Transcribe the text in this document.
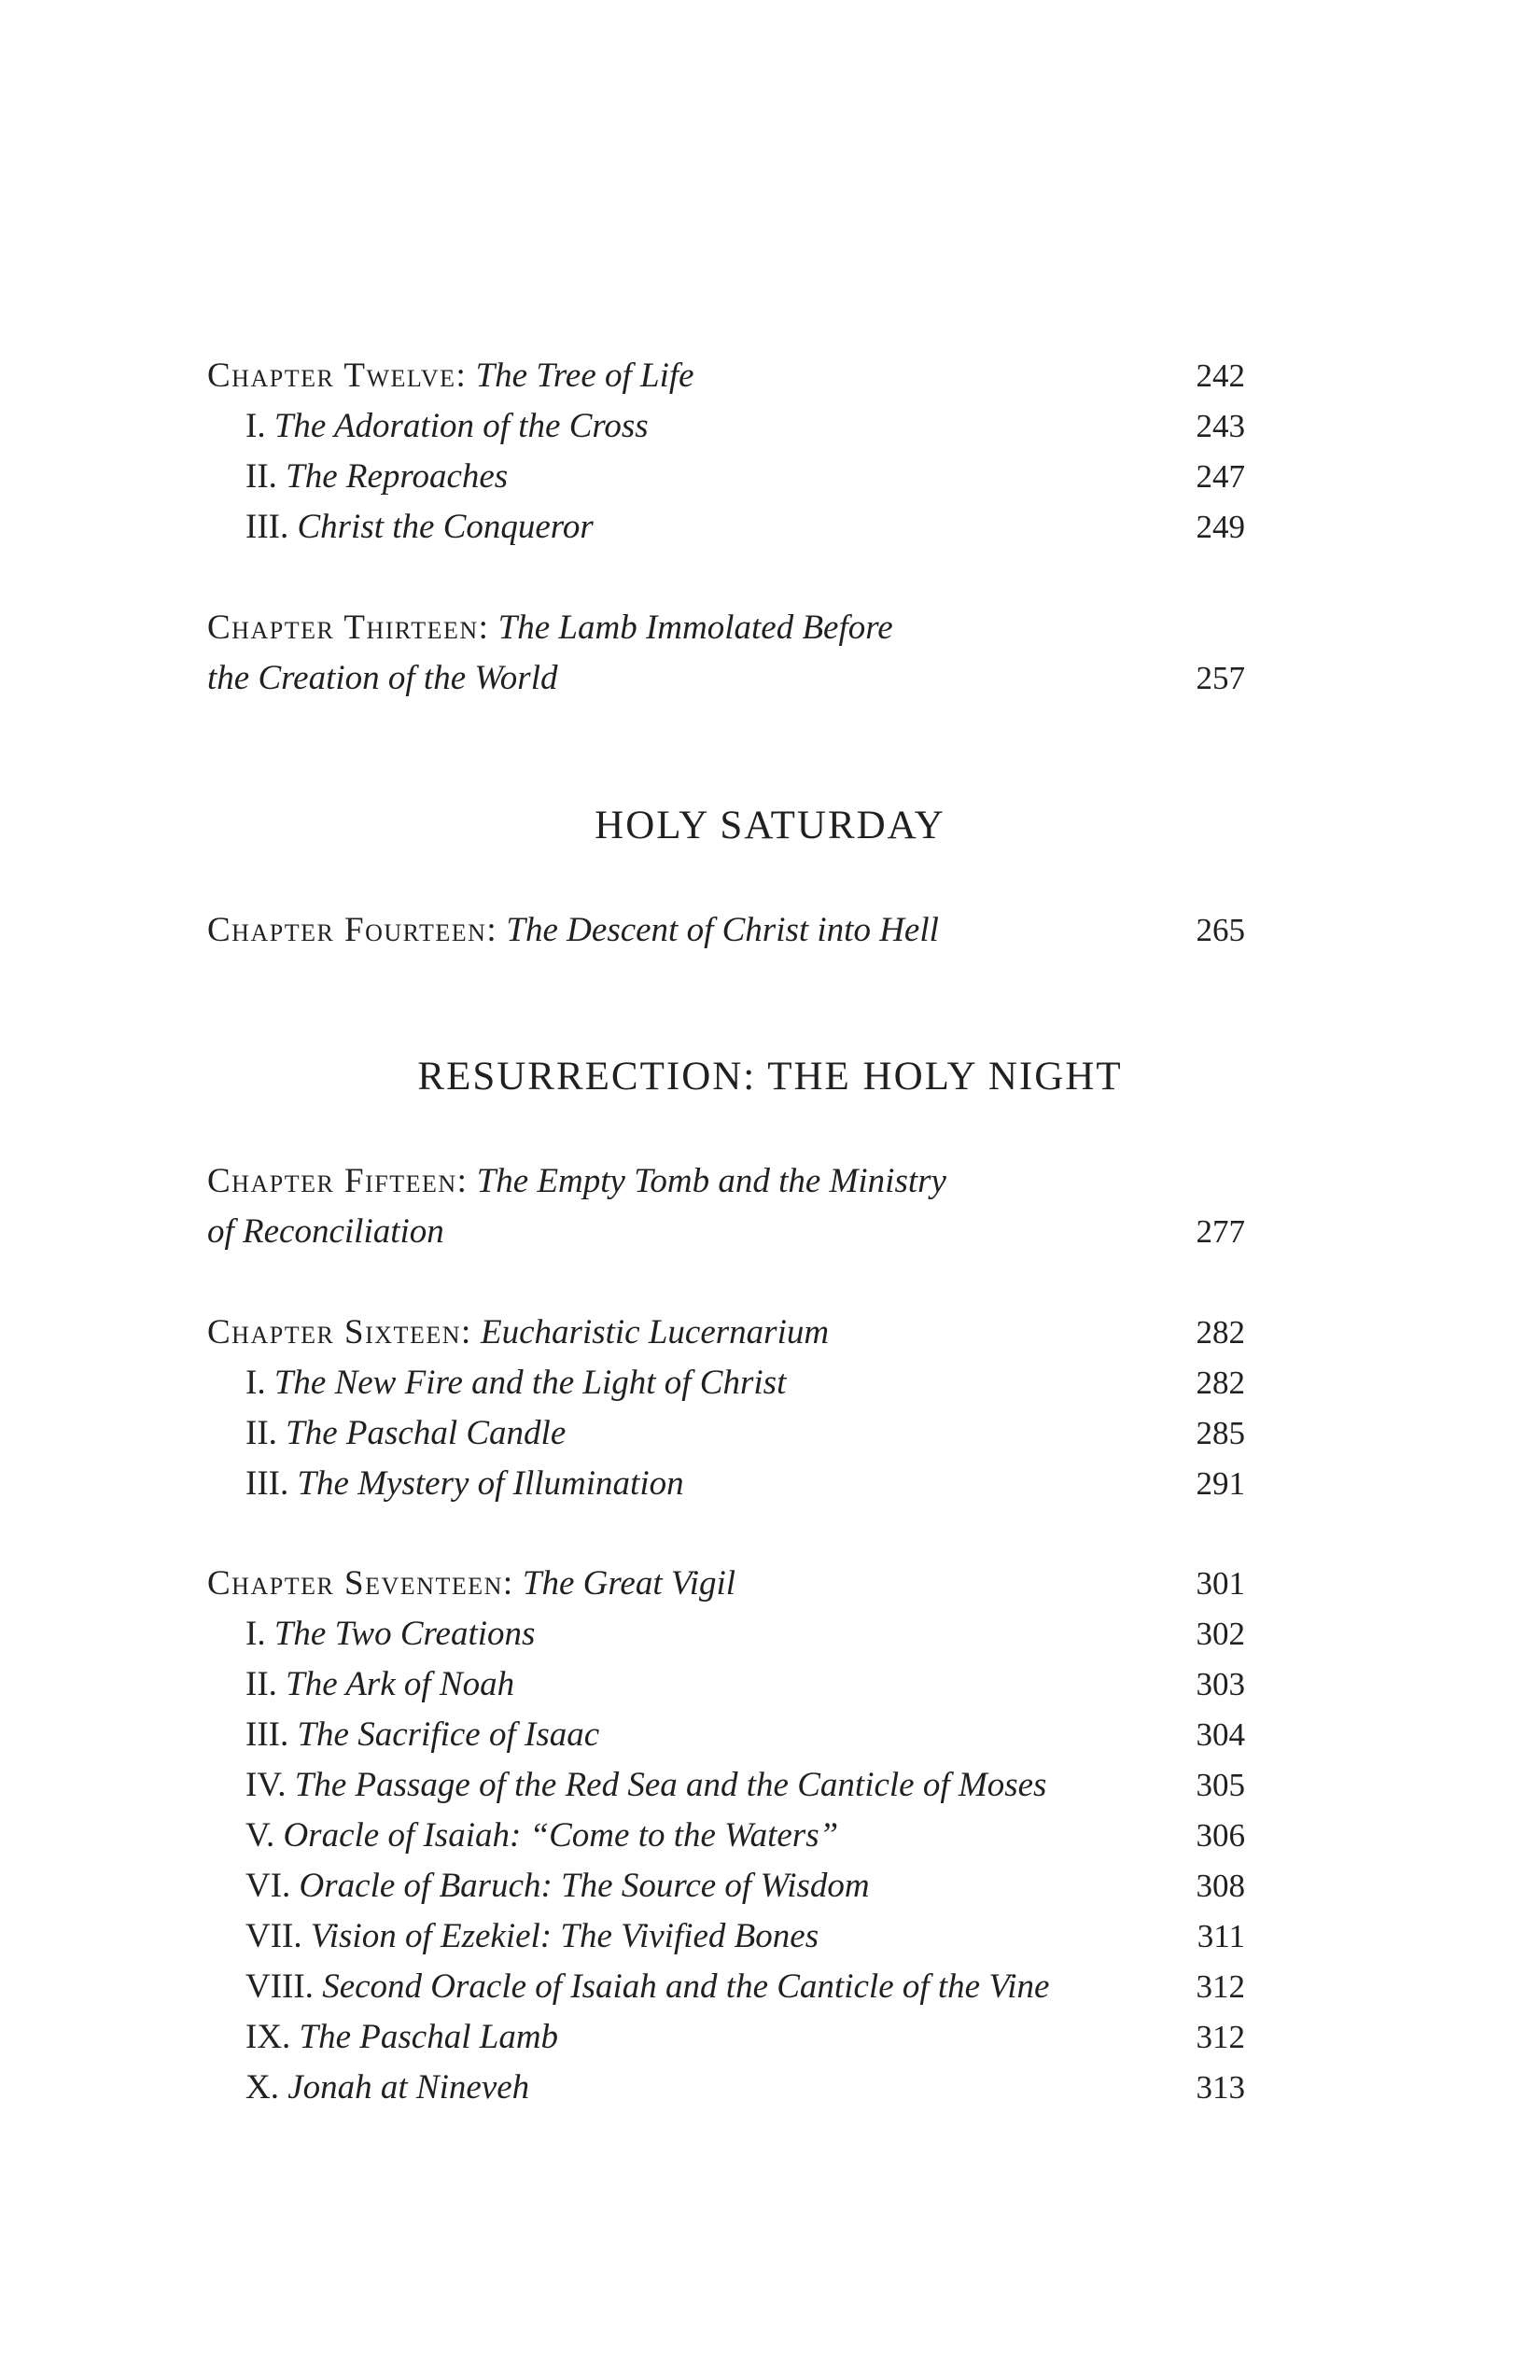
Chapter Twelve: The Tree of Life	242
I. The Adoration of the Cross	243
II. The Reproaches	247
III. Christ the Conqueror	249
Chapter Thirteen: The Lamb Immolated Before
the Creation of the World	257
HOLY SATURDAY
Chapter Fourteen: The Descent of Christ into Hell	265
RESURRECTION: THE HOLY NIGHT
Chapter Fifteen: The Empty Tomb and the Ministry
of Reconciliation	277
Chapter Sixteen: Eucharistic Lucernarium	282
I. The New Fire and the Light of Christ	282
II. The Paschal Candle	285
III. The Mystery of Illumination	291
Chapter Seventeen: The Great Vigil	301
I. The Two Creations	302
II. The Ark of Noah	303
III. The Sacrifice of Isaac	304
IV. The Passage of the Red Sea and the Canticle of Moses	305
V. Oracle of Isaiah: “Come to the Waters”	306
VI. Oracle of Baruch: The Source of Wisdom	308
VII. Vision of Ezekiel: The Vivified Bones	311
VIII. Second Oracle of Isaiah and the Canticle of the Vine	312
IX. The Paschal Lamb	312
X. Jonah at Nineveh	313
